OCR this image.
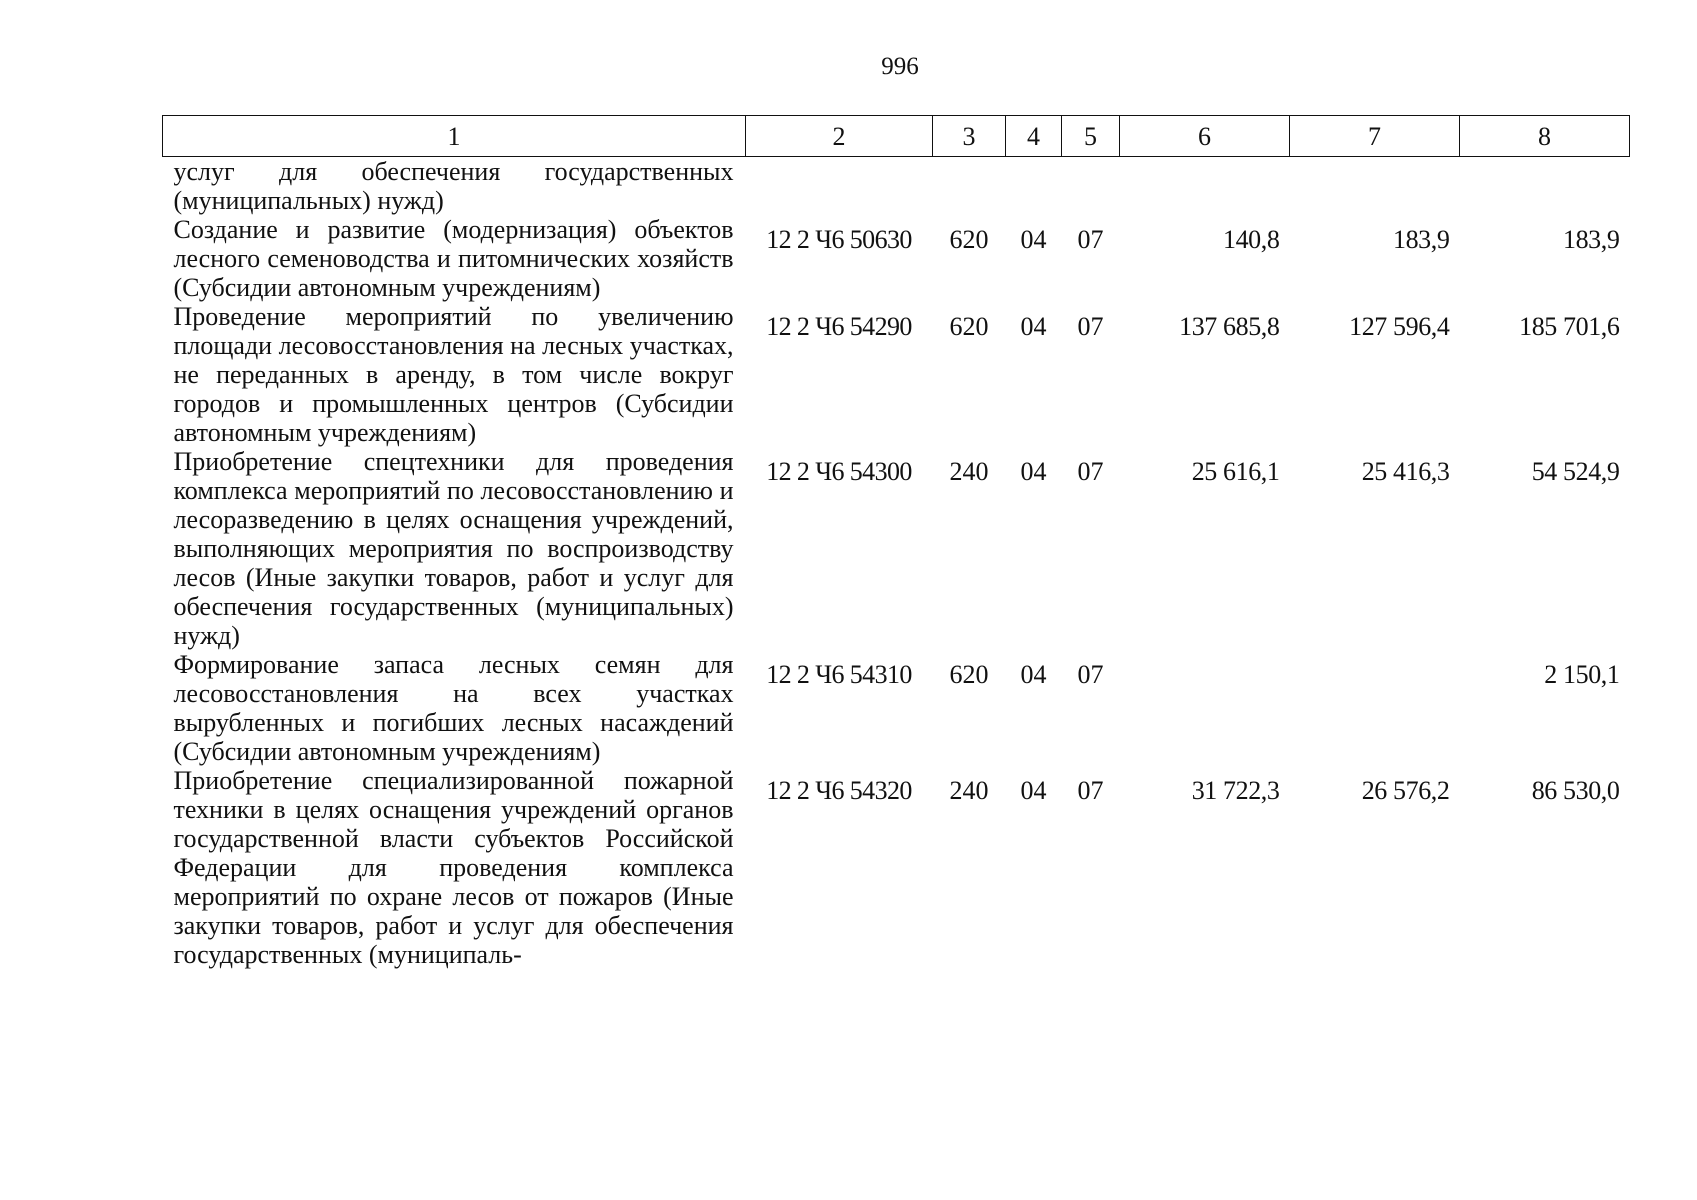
996
1	2	3	4	5	6	7	8
услуг для обеспечения государственных (муниципальных) нужд)							
Создание и развитие (модернизация) объектов лесного семеноводства и питомнических хозяйств (Субсидии автономным учреждениям)	12 2 Ч6 50630	620	04	07	140,8	183,9	183,9
Проведение мероприятий по увеличению площади лесовосстановления на лесных участках, не переданных в аренду, в том числе вокруг городов и промышленных центров (Субсидии автономным учреждениям)	12 2 Ч6 54290	620	04	07	137 685,8	127 596,4	185 701,6
Приобретение спецтехники для проведения комплекса мероприятий по лесовосстановлению и лесоразведению в целях оснащения учреждений, выполняющих мероприятия по воспроизводству лесов (Иные закупки товаров, работ и услуг для обеспечения государственных (муниципальных) нужд)	12 2 Ч6 54300	240	04	07	25 616,1	25 416,3	54 524,9
Формирование запаса лесных семян для лесовосстановления на всех участках вырубленных и погибших лесных насаждений (Субсидии автономным учреждениям)	12 2 Ч6 54310	620	04	07			2 150,1
Приобретение специализированной пожарной техники в целях оснащения учреждений органов государственной власти субъектов Российской Федерации для проведения комплекса мероприятий по охране лесов от пожаров (Иные закупки товаров, работ и услуг для обеспечения государственных (муниципаль-	12 2 Ч6 54320	240	04	07	31 722,3	26 576,2	86 530,0
